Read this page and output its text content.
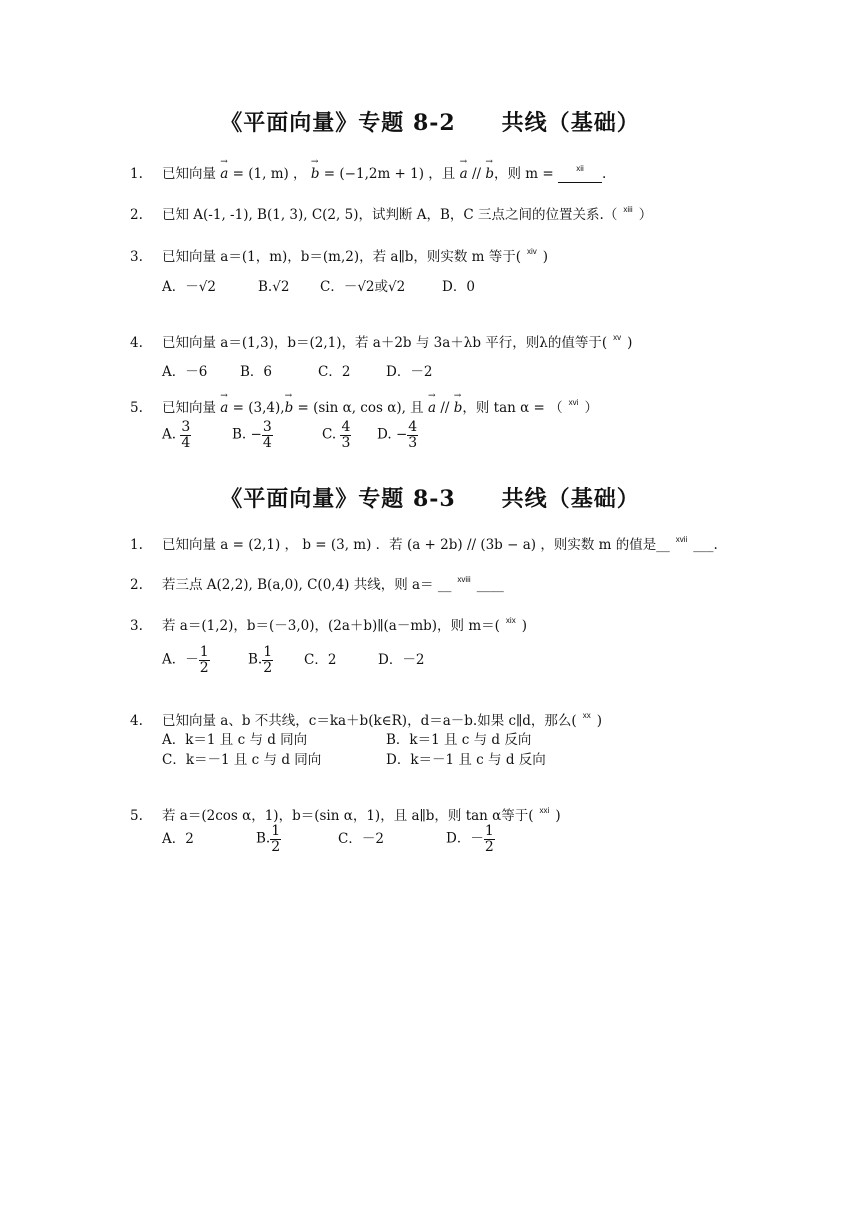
《平面向量》专题 8-2　　共线（基础）
1. 已知向量 → a = (1, m) ， → b = (−1,2m + 1) ，且 → a // → b，则 m = $^{xii}$ .
2. 已知 A(-1, -1), B(1, 3), C(2, 5)，试判断 A，B，C 三点之间的位置关系.（ $^{xiii}$ ）
3. 已知向量 a＝(1，m)，b＝(m,2)，若 a∥b，则实数 m 等于( $^{xiv}$ )
A．－√2	B.√2 C．－√2或√2	D．0
4. 已知向量 a＝(1,3)，b＝(2,1)，若 a＋2b 与 3a＋λb 平行，则λ的值等于( $^{xv}$ )
A．－6 B．6	C．2	D．－2
5. 已知向量 → a = (3,4),→ b = (sin α, cos α), 且 → a // → b，则 tan α = （ $^{xvi}$ ）
A. $\frac{3}{4}$	B. − $\frac{3}{4}$	C. $\frac{4}{3} D$. − $\frac{4}{3}$
《平面向量》专题 8-3　　共线（基础）
1. 已知向量 a = (2,1) ， b = (3, m) ．若 (a + 2b) // (3b − a) ，则实数 m 的值是__ $^{xvii}$ ___.
2. 若三点 A(2,2), B(a,0), C(0,4) 共线，则 a＝ __ $^{xviii}$ ____
3. 若 a＝(1,2)，b＝(－3,0)，(2a＋b)∥(a－mb)，则 m＝( $^{xix}$ )
A．－ $\frac{1}{2}$	B. $\frac{1}{2}$ C．2	D．－2
4. 已知向量 a、b 不共线，c＝ka＋b(k∈R)，d＝a－b.如果 c∥d，那么( $^{xx}$ )
A．k＝1 且 c 与 d 同向	B．k＝1 且 c 与 d 反向
C．k＝－1 且 c 与 d 同向	D．k＝－1 且 c 与 d 反向
5. 若 a＝(2cos α，1)，b＝(sin α，1)，且 a∥b，则 tan α等于( $^{xxi}$ )
A．2	B. $\frac{1}{2}$	C．－2	D．－ $\frac{1}{2}$
